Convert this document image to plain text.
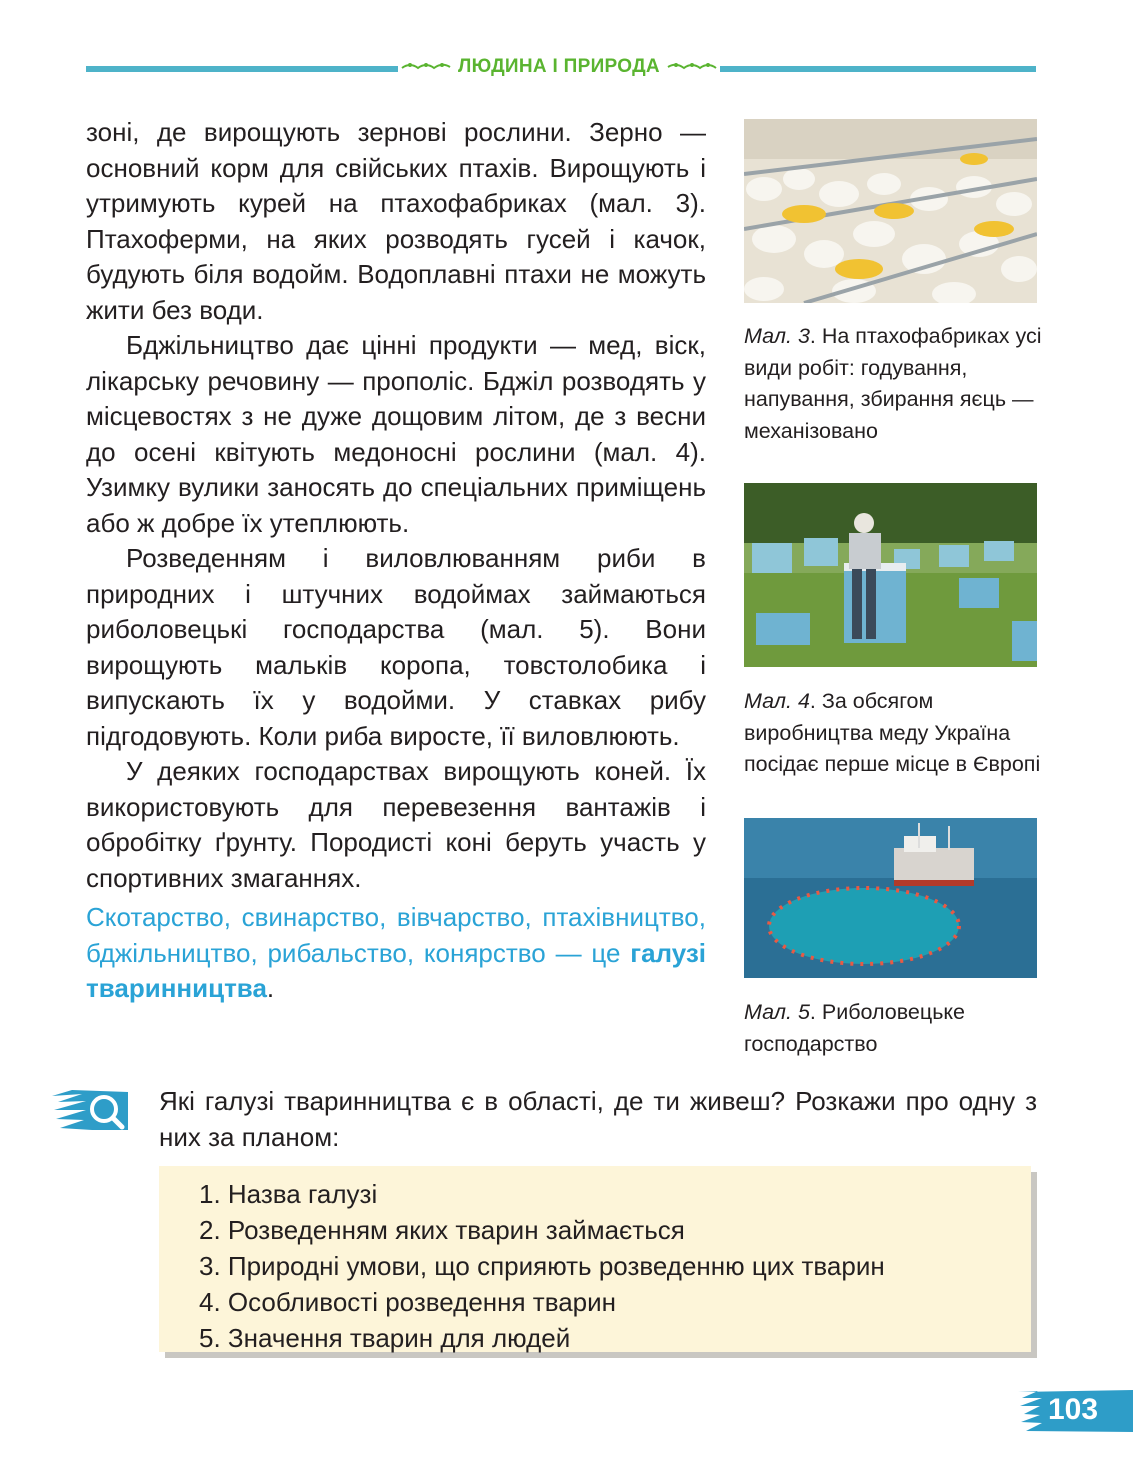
ЛЮДИНА І ПРИРОДА

зоні, де вирощують зернові рослини. Зерно — основний корм для свійських птахів. Вирощують і утримують курей на птахофабриках (мал. 3). Птахоферми, на яких розводять гусей і качок, будують біля водойм. Водоплавні птахи не можуть жити без води.

Бджільництво дає цінні продукти — мед, віск, лікарську речовину — прополіс. Бджіл розводять у місцевостях з не дуже дощовим літом, де з весни до осені квітують медоносні рослини (мал. 4). Узимку вулики заносять до спеціальних приміщень або ж добре їх утеплюють.

Розведенням і виловлюванням риби в природних і штучних водоймах займаються риболовецькі господарства (мал. 5). Вони вирощують мальків коропа, товстолобика і випускають їх у водойми. У ставках рибу підгодовують. Коли риба виросте, її виловлюють.

У деяких господарствах вирощують коней. Їх використовують для перевезення вантажів і обробітку ґрунту. Породисті коні беруть участь у спортивних змаганнях.

Скотарство, свинарство, вівчарство, птахівництво, бджільництво, рибальство, конярство — це галузі тваринництва.

Мал. 3. На птахофабриках усі види робіт: годування, напування, збирання яєць — механізовано
Мал. 4. За обсягом виробництва меду Україна посідає перше місце в Європі
Мал. 5. Риболовецьке господарство
Які галузі тваринництва є в області, де ти живеш? Розкажи про одну з них за планом:
1. Назва галузі
2. Розведенням яких тварин займається
3. Природні умови, що сприяють розведенню цих тварин
4. Особливості розведення тварин
5. Значення тварин для людей
103
